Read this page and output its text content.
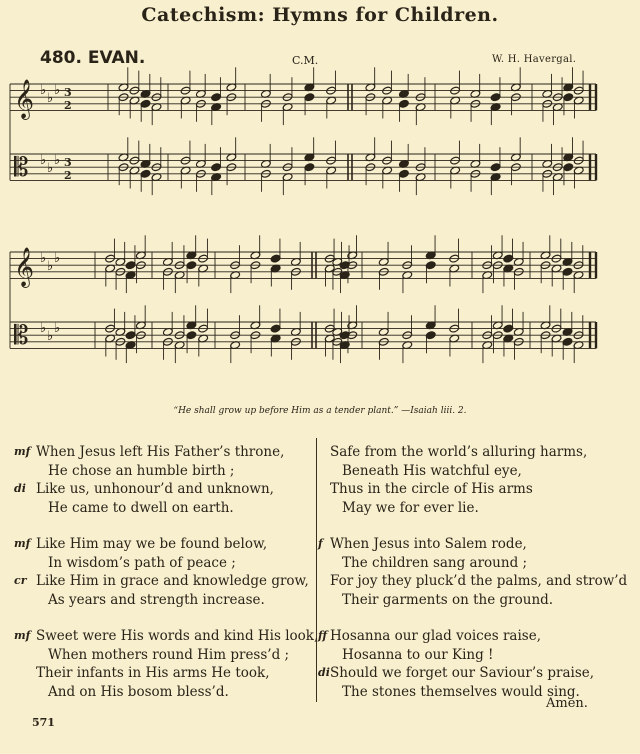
Catechism: Hymns for Children.
480. EVAN.	C.M.	W. H. Havergal.
𝄞 ♭
♭
♭ 3
2
𝄡 ♭
♭
♭ 3
2
𝄞 ♭
♭
♭
𝄡 ♭
♭
♭
“He shall grow up before Him as a tender plant.” —Isaiah liii. 2.
mf When Jesus left His Father’s throne,
He chose an humble birth ;
di Like us, unhonour’d and unknown,
He came to dwell on earth.
mf Like Him may we be found below,
In wisdom’s path of peace ;
cr Like Him in grace and knowledge grow,
As years and strength increase.
mf Sweet were His words and kind His look,
When mothers round Him press’d ;
Their infants in His arms He took,
And on His bosom bless’d.
Safe from the world’s alluring harms,
Beneath His watchful eye,
Thus in the circle of His arms
May we for ever lie.
f When Jesus into Salem rode,
The children sang around ;
For joy they pluck’d the palms, and strow’d
Their garments on the ground.
ff Hosanna our glad voices raise,
Hosanna to our King !
di Should we forget our Saviour’s praise,
The stones themselves would sing.
Amen.
571
